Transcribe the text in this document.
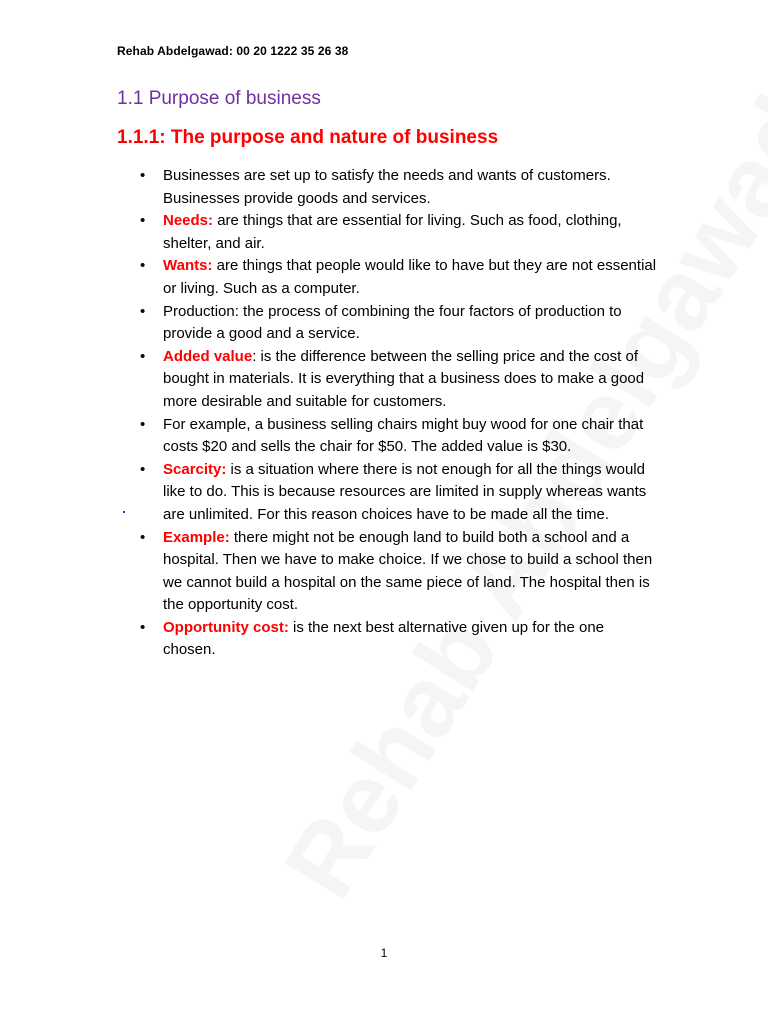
Rehab Abdelgawad: 00 20 1222 35 26 38
1.1 Purpose of business
1.1.1: The purpose and nature of business
• Businesses are set up to satisfy the needs and wants of customers. Businesses provide goods and services.
• Needs: are things that are essential for living. Such as food, clothing, shelter, and air.
• Wants: are things that people would like to have but they are not essential or living. Such as a computer.
• Production: the process of combining the four factors of production to provide a good and a service.
• Added value: is the difference between the selling price and the cost of bought in materials. It is everything that a business does to make a good more desirable and suitable for customers.
• For example, a business selling chairs might buy wood for one chair that costs $20 and sells the chair for $50. The added value is $30.
• Scarcity: is a situation where there is not enough for all the things would like to do. This is because resources are limited in supply whereas wants are unlimited. For this reason choices have to be made all the time.
• Example: there might not be enough land to build both a school and a hospital. Then we have to make choice. If we chose to build a school then we cannot build a hospital on the same piece of land. The hospital then is the opportunity cost.
• Opportunity cost: is the next best alternative given up for the one chosen.
1
